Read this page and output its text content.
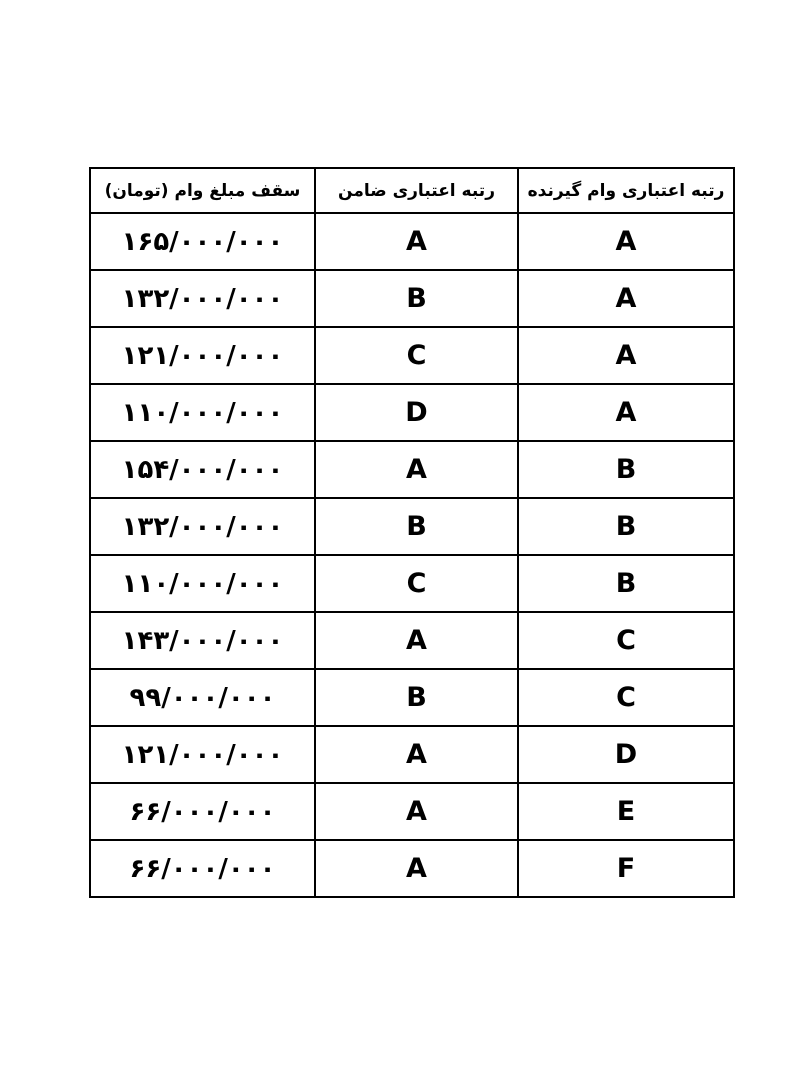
سقف مبلغ وام (تومان)	رتبه اعتباری ضامن	رتبه اعتباری وام گیرنده
۱۶۵/۰۰۰/۰۰۰	A	A
۱۳۲/۰۰۰/۰۰۰	B	A
۱۲۱/۰۰۰/۰۰۰	C	A
۱۱۰/۰۰۰/۰۰۰	D	A
۱۵۴/۰۰۰/۰۰۰	A	B
۱۳۲/۰۰۰/۰۰۰	B	B
۱۱۰/۰۰۰/۰۰۰	C	B
۱۴۳/۰۰۰/۰۰۰	A	C
۹۹/۰۰۰/۰۰۰	B	C
۱۲۱/۰۰۰/۰۰۰	A	D
۶۶/۰۰۰/۰۰۰	A	E
۶۶/۰۰۰/۰۰۰	A	F
